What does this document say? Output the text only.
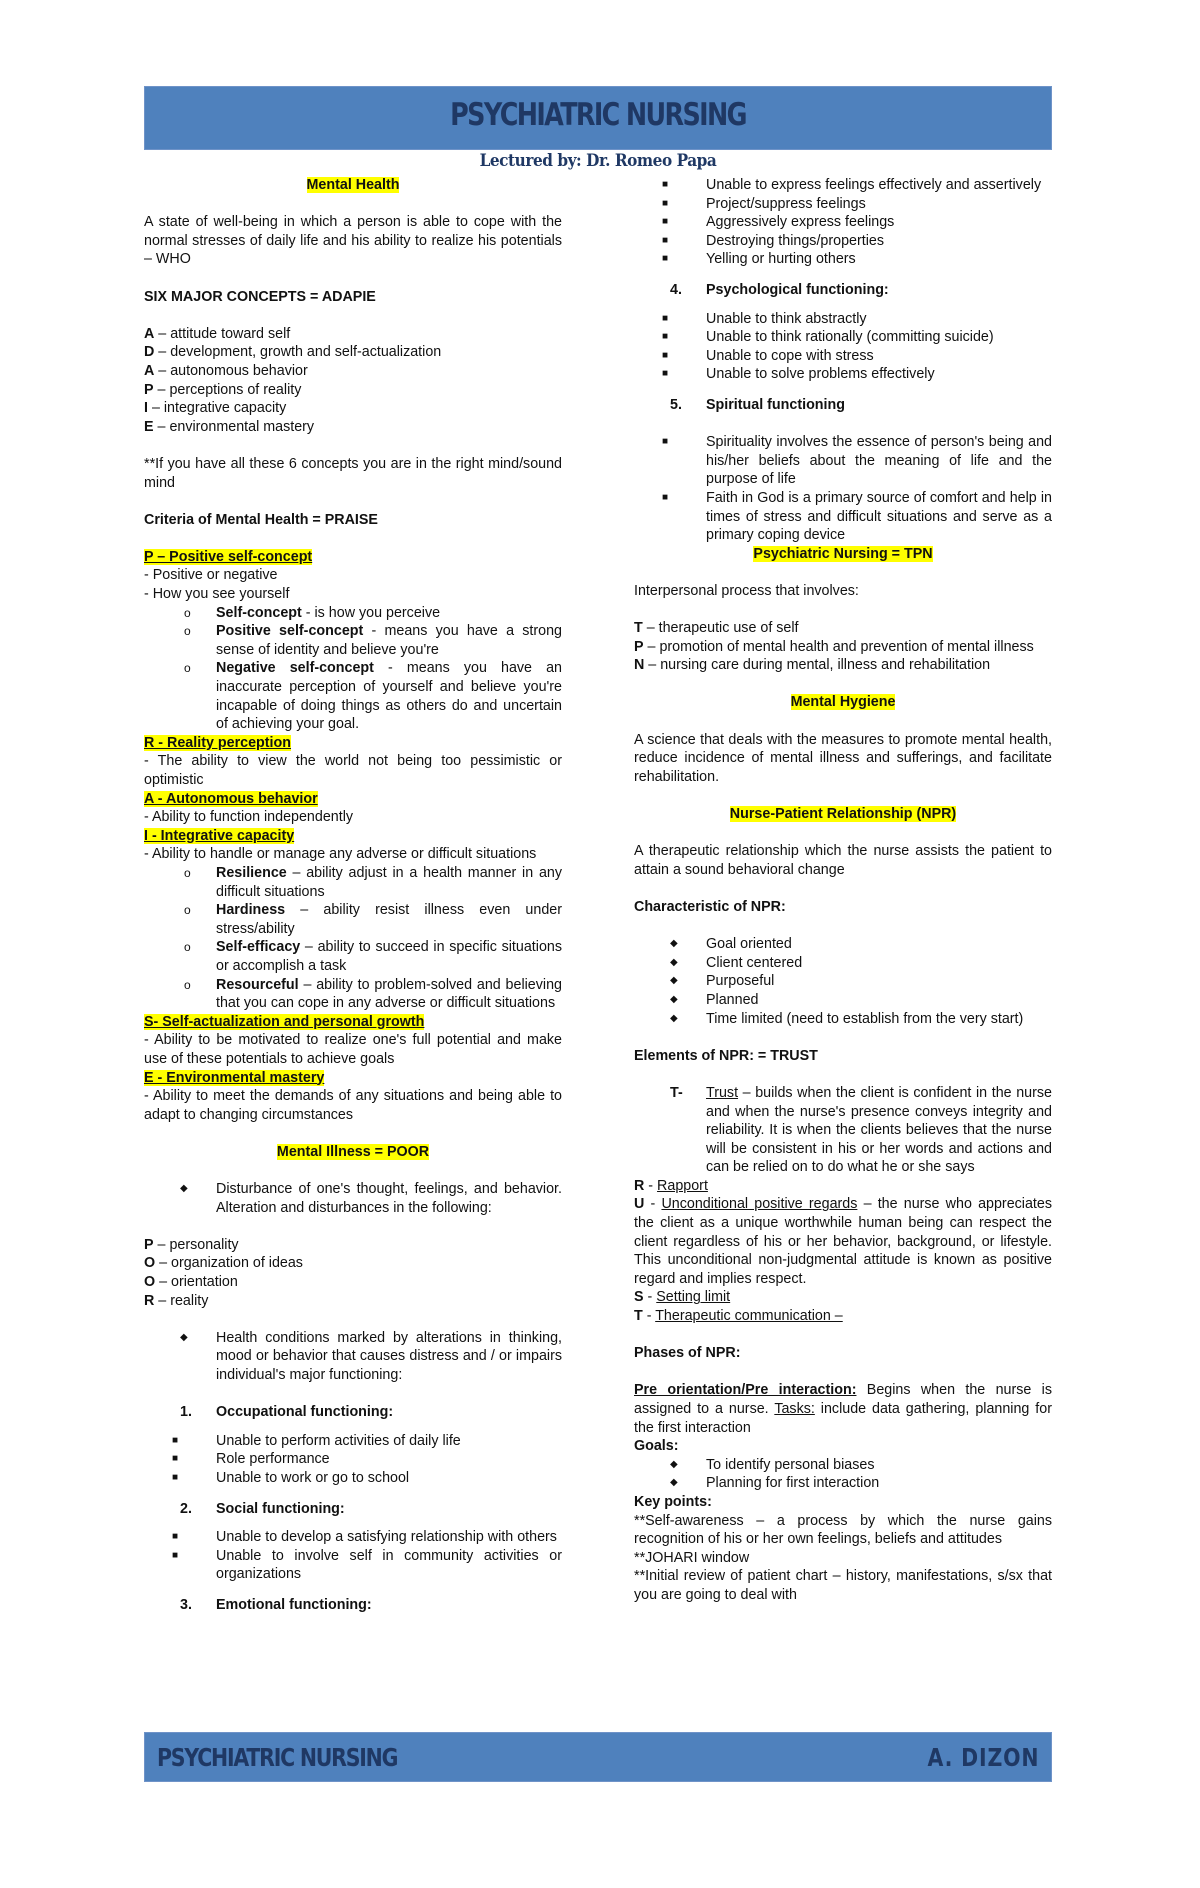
PSYCHIATRIC NURSING
Lectured by: Dr. Romeo Papa

Mental Health

A state of well-being in which a person is able to cope with the normal stresses of daily life and his ability to realize his potentials – WHO

SIX MAJOR CONCEPTS = ADAPIE

A – attitude toward self

D – development, growth and self-actualization

A – autonomous behavior

P – perceptions of reality

I – integrative capacity

E – environmental mastery

**If you have all these 6 concepts you are in the right mind/sound mind

Criteria of Mental Health = PRAISE

P – Positive self-concept

- Positive or negative

- How you see yourself

o	Self-concept - is how you perceive
o	Positive self-concept - means you have a strong sense of identity and believe you're
o	Negative self-concept - means you have an inaccurate perception of yourself and believe you're incapable of doing things as others do and uncertain of achieving your goal.

R - Reality perception

- The ability to view the world not being too pessimistic or optimistic

A - Autonomous behavior

- Ability to function independently

I - Integrative capacity

- Ability to handle or manage any adverse or difficult situations

o	Resilience – ability adjust in a health manner in any difficult situations
o	Hardiness – ability resist illness even under stress/ability
o	Self-efficacy – ability to succeed in specific situations or accomplish a task
o	Resourceful – ability to problem-solved and believing that you can cope in any adverse or difficult situations

S- Self-actualization and personal growth

- Ability to be motivated to realize one's full potential and make use of these potentials to achieve goals

E - Environmental mastery

- Ability to meet the demands of any situations and being able to adapt to changing circumstances

Mental Illness = POOR

◆	Disturbance of one's thought, feelings, and behavior. Alteration and disturbances in the following:

P – personality

O – organization of ideas

O – orientation

R – reality

◆	Health conditions marked by alterations in thinking, mood or behavior that causes distress and / or impairs individual's major functioning:
1.	Occupational functioning:
■	Unable to perform activities of daily life
■	Role performance
■	Unable to work or go to school
2.	Social functioning:
■	Unable to develop a satisfying relationship with others
■	Unable to involve self in community activities or organizations
3.	Emotional functioning:
■	Unable to express feelings effectively and assertively
■	Project/suppress feelings
■	Aggressively express feelings
■	Destroying things/properties
■	Yelling or hurting others
4.	Psychological functioning:
■	Unable to think abstractly
■	Unable to think rationally (committing suicide)
■	Unable to cope with stress
■	Unable to solve problems effectively
5.	Spiritual functioning
■	Spirituality involves the essence of person's being and his/her beliefs about the meaning of life and the purpose of life
■	Faith in God is a primary source of comfort and help in times of stress and difficult situations and serve as a primary coping device

Psychiatric Nursing = TPN

Interpersonal process that involves:

T – therapeutic use of self

P – promotion of mental health and prevention of mental illness

N – nursing care during mental, illness and rehabilitation

Mental Hygiene

A science that deals with the measures to promote mental health, reduce incidence of mental illness and sufferings, and facilitate rehabilitation.

Nurse-Patient Relationship (NPR)

A therapeutic relationship which the nurse assists the patient to attain a sound behavioral change

Characteristic of NPR:

◆	Goal oriented
◆	Client centered
◆	Purposeful
◆	Planned
◆	Time limited (need to establish from the very start)

Elements of NPR: = TRUST

T-	Trust – builds when the client is confident in the nurse and when the nurse's presence conveys integrity and reliability. It is when the clients believes that the nurse will be consistent in his or her words and actions and can be relied on to do what he or she says

R - Rapport

U - Unconditional positive regards – the nurse who appreciates the client as a unique worthwhile human being can respect the client regardless of his or her behavior, background, or lifestyle. This unconditional non-judgmental attitude is known as positive regard and implies respect.

S - Setting limit

T - Therapeutic communication –

Phases of NPR:

Pre orientation/Pre interaction: Begins when the nurse is assigned to a nurse. Tasks: include data gathering, planning for the first interaction

Goals:

◆	To identify personal biases
◆	Planning for first interaction

Key points:

**Self-awareness – a process by which the nurse gains recognition of his or her own feelings, beliefs and attitudes

**JOHARI window

**Initial review of patient chart – history, manifestations, s/sx that you are going to deal with

PSYCHIATRIC NURSING	A. DIZON
